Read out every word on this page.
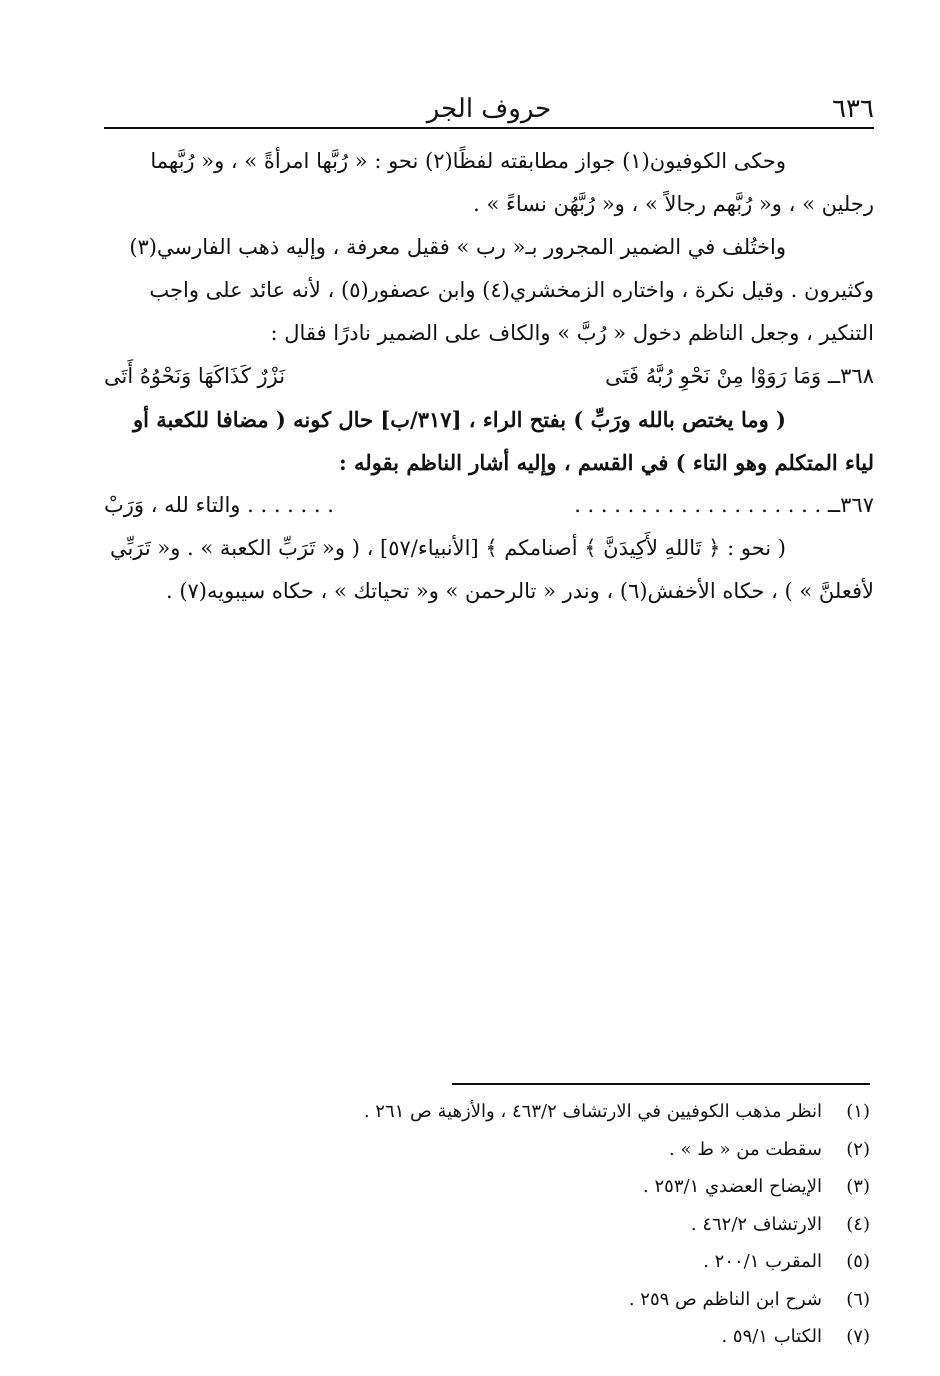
٦٣٦
حروف الجر

وحكى الكوفيون(١) جواز مطابقته لفظًا(٢) نحو : « رُبَّها امرأةً » ، و« رُبَّهما

رجلين » ، و« رُبَّهم رجالاً » ، و« رُبَّهُن نساءً » .

واختُلف في الضمير المجرور بـ« رب » فقيل معرفة ، وإليه ذهب الفارسي(٣)

وكثيرون . وقيل نكرة ، واختاره الزمخشري(٤) وابن عصفور(٥) ، لأنه عائد على واجب

التنكير ، وجعل الناظم دخول « رُبَّ » والكاف على الضمير نادرًا فقال :

٣٦٨ــ وَمَا رَوَوْا مِنْ نَحْوِ رُبَّهُ فَتَى
نَزْرٌ كَذَاكَهَا وَنَحْوُهُ أَتَى

( وما يختص بالله ورَبِّ ) بفتح الراء ، [٣١٧/ب] حال كونه ( مضافا للكعبة أو

لياء المتكلم وهو التاء ) في القسم ، وإليه أشار الناظم بقوله :

٣٦٧ــ . . . . . . . . . . . . . . . . . . .
. . . . . . . والتاء لله ، وَرَبْ

( نحو : ﴿ تَاللهِ لأَكِيدَنَّ ﴾ أصنامكم ﴾ [الأنبياء/٥٧] ، ( و« تَرَبِّ الكعبة » . و« تَرَبِّي

لأفعلنَّ » ) ، حكاه الأخفش(٦) ، وندر « تالرحمن » و« تحياتك » ، حكاه سيبويه(٧) .

(١)
انظر مذهب الكوفيين في الارتشاف ٤٦٣/٢ ، والأزهية ص ٢٦١ .
(٢)
سقطت من « ط » .
(٣)
الإيضاح العضدي ٢٥٣/١ .
(٤)
الارتشاف ٤٦٢/٢ .
(٥)
المقرب ٢٠٠/١ .
(٦)
شرح ابن الناظم ص ٢٥٩ .
(٧)
الكتاب ٥٩/١ .
